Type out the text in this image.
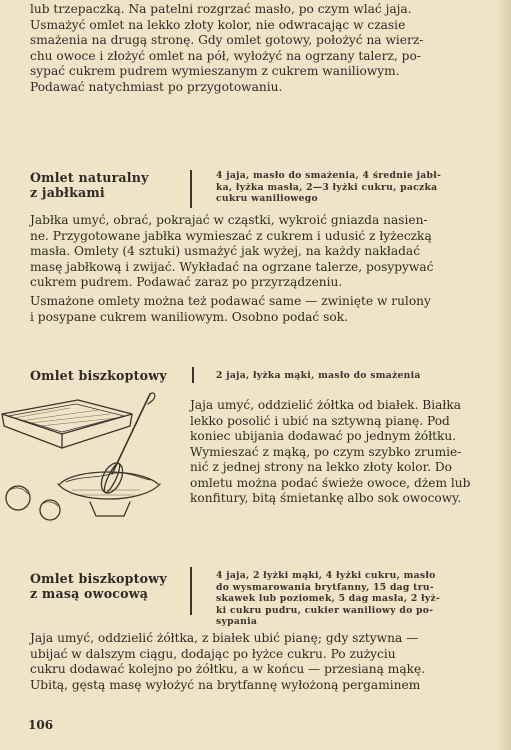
lub trzepaczką. Na patelni rozgrzać masło, po czym wlać jaja.
Usmażyć omlet na lekko złoty kolor, nie odwracając w czasie
smażenia na drugą stronę. Gdy omlet gotowy, położyć na wierz-
chu owoce i złożyć omlet na pół, wyłożyć na ogrzany talerz, po-
sypać cukrem pudrem wymieszanym z cukrem waniliowym.
Podawać natychmiast po przygotowaniu.
Omlet naturalny
z jabłkami
4 jaja, masło do smażenia, 4 średnie jabł-
ka, łyżka masła, 2—3 łyżki cukru, paczka
cukru waniliowego
Jabłka umyć, obrać, pokrajać w cząstki, wykroić gniazda nasien-
ne. Przygotowane jabłka wymieszać z cukrem i udusić z łyżeczką
masła. Omlety (4 sztuki) usmażyć jak wyżej, na każdy nakładać
masę jabłkową i zwijać. Wykładać na ogrzane talerze, posypywać
cukrem pudrem. Podawać zaraz po przyrządzeniu.
Usmażone omlety można też podawać same — zwinięte w rulony
i posypane cukrem waniliowym. Osobno podać sok.
Omlet biszkoptowy	2 jaja, łyżka mąki, masło do smażenia
Jaja umyć, oddzielić żółtka od białek. Białka
lekko posolić i ubić na sztywną pianę. Pod
koniec ubijania dodawać po jednym żółtku.
Wymieszać z mąką, po czym szybko zrumie-
nić z jednej strony na lekko złoty kolor. Do
omletu można podać świeże owoce, dżem lub
konfitury, bitą śmietankę albo sok owocowy.
Omlet biszkoptowy
z masą owocową
4 jaja, 2 łyżki mąki, 4 łyżki cukru, masło
do wysmarowania brytfanny, 15 dag tru-
skawek lub poziomek, 5 dag masła, 2 łyż-
ki cukru pudru, cukier waniliowy do po-
sypania
Jaja umyć, oddzielić żółtka, z białek ubić pianę; gdy sztywna —
ubijać w dalszym ciągu, dodając po łyżce cukru. Po zużyciu
cukru dodawać kolejno po żółtku, a w końcu — przesianą mąkę.
Ubitą, gęstą masę wyłożyć na brytfannę wyłożoną pergaminem
106
